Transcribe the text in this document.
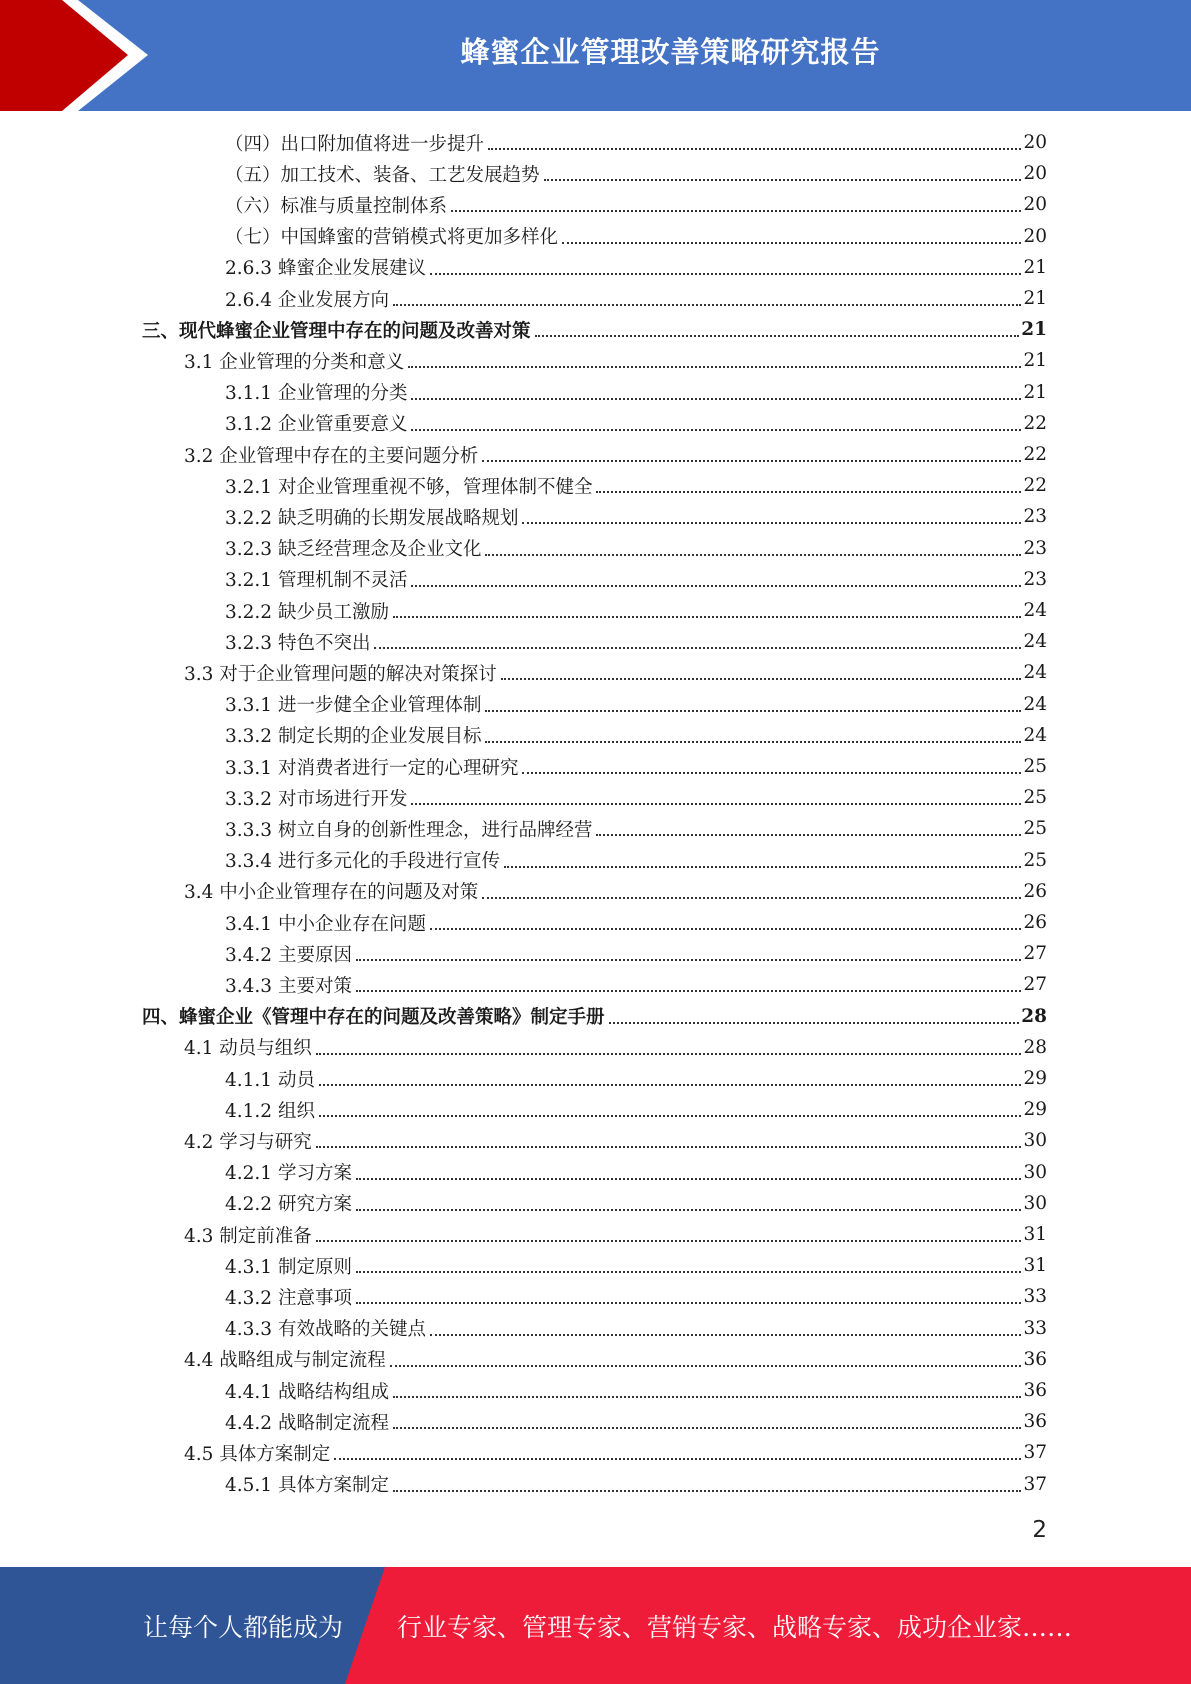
蜂蜜企业管理改善策略研究报告
（四）出口附加值将进一步提升	20
（五）加工技术、装备、工艺发展趋势	20
（六）标准与质量控制体系	20
（七）中国蜂蜜的营销模式将更加多样化	20
2.6.3 蜂蜜企业发展建议	21
2.6.4 企业发展方向	21
三、现代蜂蜜企业管理中存在的问题及改善对策	21
3.1 企业管理的分类和意义	21
3.1.1 企业管理的分类	21
3.1.2 企业管重要意义	22
3.2 企业管理中存在的主要问题分析	22
3.2.1 对企业管理重视不够，管理体制不健全	22
3.2.2 缺乏明确的长期发展战略规划	23
3.2.3 缺乏经营理念及企业文化	23
3.2.1 管理机制不灵活	23
3.2.2 缺少员工激励	24
3.2.3 特色不突出	24
3.3 对于企业管理问题的解决对策探讨	24
3.3.1 进一步健全企业管理体制	24
3.3.2 制定长期的企业发展目标	24
3.3.1 对消费者进行一定的心理研究	25
3.3.2 对市场进行开发	25
3.3.3 树立自身的创新性理念，进行品牌经营	25
3.3.4 进行多元化的手段进行宣传	25
3.4 中小企业管理存在的问题及对策	26
3.4.1 中小企业存在问题	26
3.4.2 主要原因	27
3.4.3 主要对策	27
四、蜂蜜企业《管理中存在的问题及改善策略》制定手册	28
4.1 动员与组织	28
4.1.1 动员	29
4.1.2 组织	29
4.2 学习与研究	30
4.2.1 学习方案	30
4.2.2 研究方案	30
4.3 制定前准备	31
4.3.1 制定原则	31
4.3.2 注意事项	33
4.3.3 有效战略的关键点	33
4.4 战略组成与制定流程	36
4.4.1 战略结构组成	36
4.4.2 战略制定流程	36
4.5 具体方案制定	37
4.5.1 具体方案制定	37
2
让每个人都能成为 行业专家、管理专家、营销专家、战略专家、成功企业家……
